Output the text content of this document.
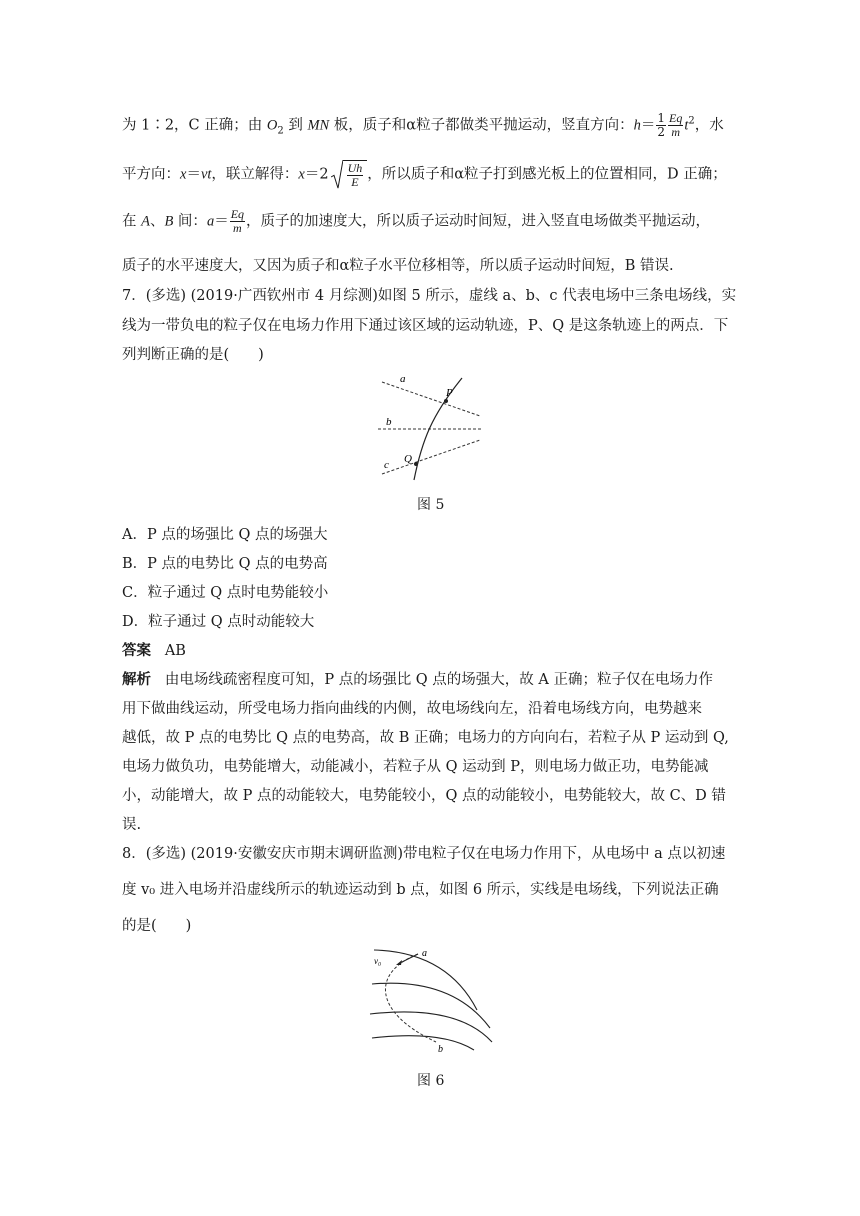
为 1∶2，C 正确；由 $O_2$ 到 MN 板，质子和α粒子都做类平抛运动，竖直方向：$h= \frac{1}{2} \frac{Eq}{m} t^2$，水
平方向：x＝vt，联立解得：$x=2 \frac{Uh}{E}$ ，所以质子和α粒子打到感光板上的位置相同，D 正确；
在 A、B 间：$a= \frac{Eq}{m}$ ，质子的加速度大，所以质子运动时间短，进入竖直电场做类平抛运动，
质子的水平速度大，又因为质子和α粒子水平位移相等，所以质子运动时间短，B 错误.
7．(多选) (2019·广西钦州市 4 月综测)如图 5 所示，虚线 a、b、c 代表电场中三条电场线，实
线为一带负电的粒子仅在电场力作用下通过该区域的运动轨迹，P、Q 是这条轨迹上的两点．下
列判断正确的是(　　)
a
b
c
P
Q
图 5
A．P 点的场强比 Q 点的场强大
B．P 点的电势比 Q 点的电势高
C．粒子通过 Q 点时电势能较小
D．粒子通过 Q 点时动能较大
答案 AB
解析 由电场线疏密程度可知，P 点的场强比 Q 点的场强大，故 A 正确；粒子仅在电场力作
用下做曲线运动，所受电场力指向曲线的内侧，故电场线向左，沿着电场线方向，电势越来
越低，故 P 点的电势比 Q 点的电势高，故 B 正确；电场力的方向向右，若粒子从 P 运动到 Q,
电场力做负功，电势能增大，动能减小，若粒子从 Q 运动到 P，则电场力做正功，电势能减
小，动能增大，故 P 点的动能较大，电势能较小，Q 点的动能较小，电势能较大，故 C、D 错
误.
8．(多选) (2019·安徽安庆市期末调研监测)带电粒子仅在电场力作用下，从电场中 a 点以初速
度 v₀ 进入电场并沿虚线所示的轨迹运动到 b 点，如图 6 所示，实线是电场线，下列说法正确
的是(　　)
a
b
v₀
图 6
